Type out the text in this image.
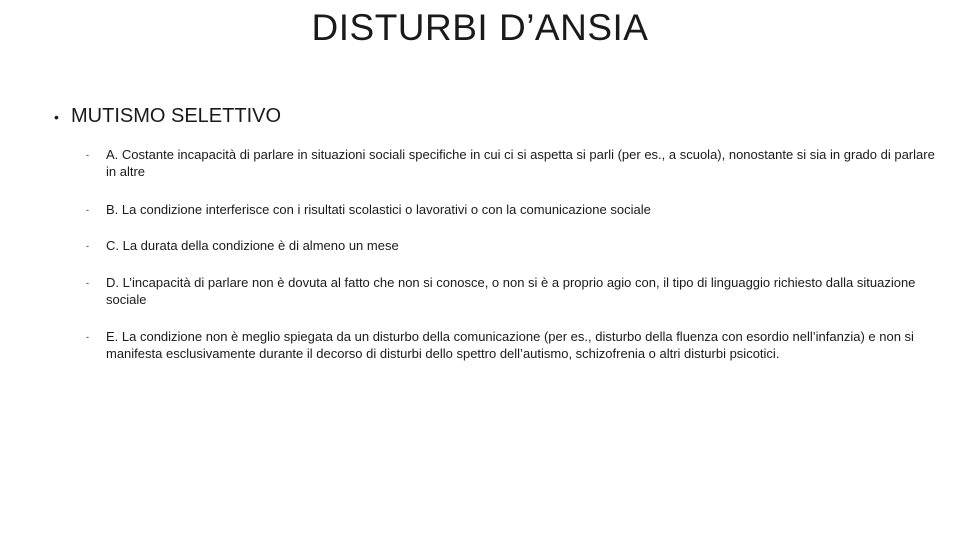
DISTURBI D’ANSIA
• MUTISMO SELETTIVO
-	A. Costante incapacità di parlare in situazioni sociali specifiche in cui ci si aspetta si parli (per es., a scuola), nonostante si sia in grado di parlare in altre
-	B. La condizione interferisce con i risultati scolastici o lavorativi o con la comunicazione sociale
-	C. La durata della condizione è di almeno un mese
-	D. L’incapacità di parlare non è dovuta al fatto che non si conosce, o non si è a proprio agio con, il tipo di linguaggio richiesto dalla situazione sociale
-	E. La condizione non è meglio spiegata da un disturbo della comunicazione (per es., disturbo della fluenza con esordio nell’infanzia) e non si manifesta esclusivamente durante il decorso di disturbi dello spettro dell’autismo, schizofrenia o altri disturbi psicotici.
